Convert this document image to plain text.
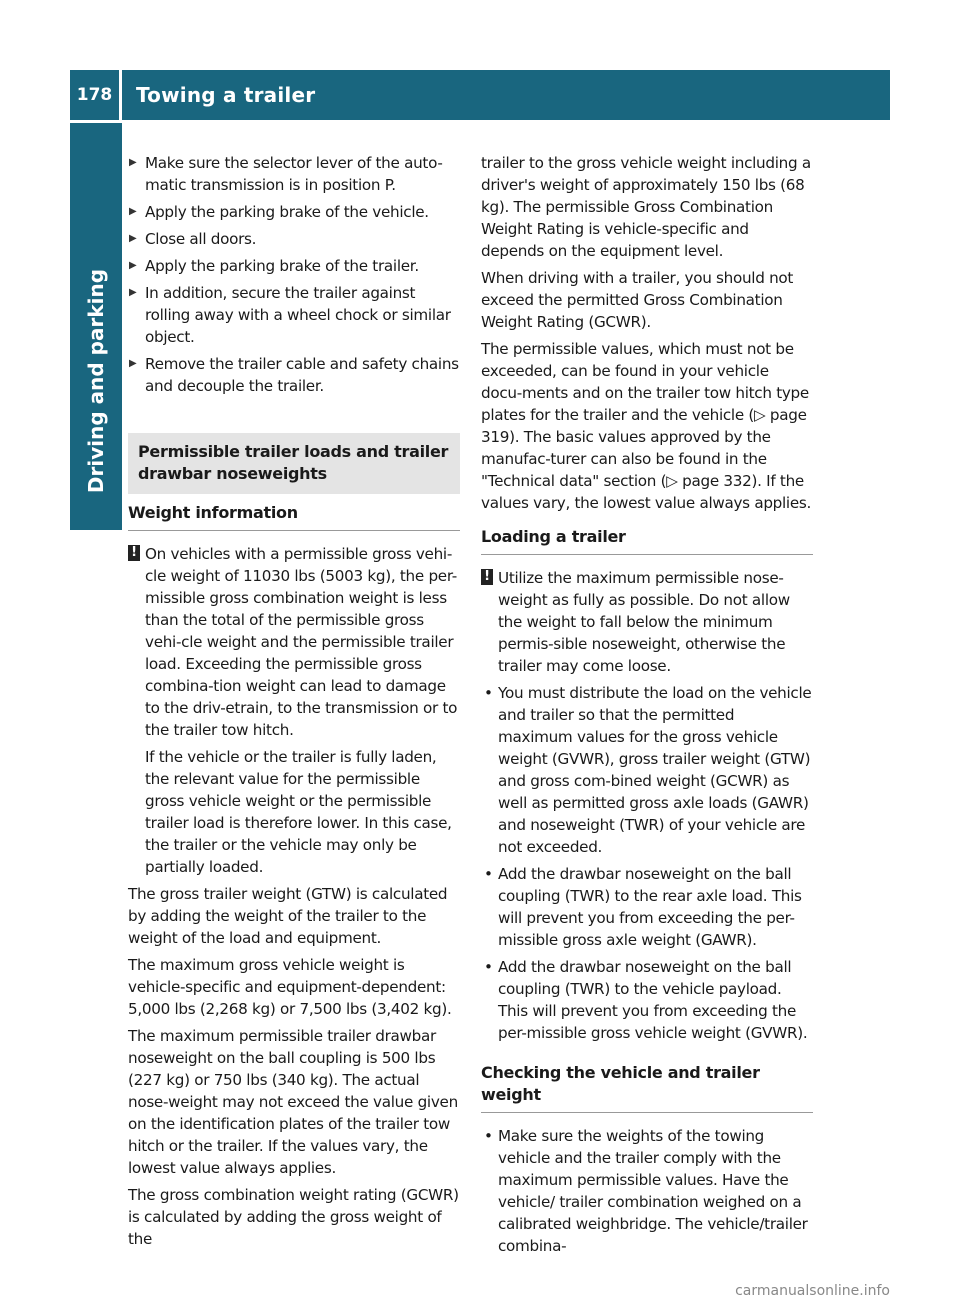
178	Towing a trailer
Driving and parking
▶ Make sure the selector lever of the auto-matic transmission is in position P.
▶ Apply the parking brake of the vehicle.
▶ Close all doors.
▶ Apply the parking brake of the trailer.
▶ In addition, secure the trailer against rolling away with a wheel chock or similar object.
▶ Remove the trailer cable and safety chains and decouple the trailer.
Permissible trailer loads and trailer drawbar noseweights
Weight information
! On vehicles with a permissible gross vehi-cle weight of 11030 lbs (5003 kg), the per-missible gross combination weight is less than the total of the permissible gross vehi-cle weight and the permissible trailer load. Exceeding the permissible gross combina-tion weight can lead to damage to the driv-etrain, to the transmission or to the trailer tow hitch.

If the vehicle or the trailer is fully laden, the relevant value for the permissible gross vehicle weight or the permissible trailer load is therefore lower. In this case, the trailer or the vehicle may only be partially loaded.

The gross trailer weight (GTW) is calculated by adding the weight of the trailer to the weight of the load and equipment.

The maximum gross vehicle weight is vehicle-specific and equipment-dependent: 5,000 lbs (2,268 kg) or 7,500 lbs (3,402 kg).

The maximum permissible trailer drawbar noseweight on the ball coupling is 500 lbs (227 kg) or 750 lbs (340 kg). The actual nose-weight may not exceed the value given on the identification plates of the trailer tow hitch or the trailer. If the values vary, the lowest value always applies.

The gross combination weight rating (GCWR) is calculated by adding the gross weight of the

trailer to the gross vehicle weight including a driver's weight of approximately 150 lbs (68 kg). The permissible Gross Combination Weight Rating is vehicle-specific and depends on the equipment level.

When driving with a trailer, you should not exceed the permitted Gross Combination Weight Rating (GCWR).

The permissible values, which must not be exceeded, can be found in your vehicle docu-ments and on the trailer tow hitch type plates for the trailer and the vehicle (▷ page 319). The basic values approved by the manufac-turer can also be found in the "Technical data" section (▷ page 332). If the values vary, the lowest value always applies.

Loading a trailer
! Utilize the maximum permissible nose-weight as fully as possible. Do not allow the weight to fall below the minimum permis-sible noseweight, otherwise the trailer may come loose.

• You must distribute the load on the vehicle and trailer so that the permitted maximum values for the gross vehicle weight (GVWR), gross trailer weight (GTW) and gross com-bined weight (GCWR) as well as permitted gross axle loads (GAWR) and noseweight (TWR) of your vehicle are not exceeded.
• Add the drawbar noseweight on the ball coupling (TWR) to the rear axle load. This will prevent you from exceeding the per-missible gross axle weight (GAWR).
• Add the drawbar noseweight on the ball coupling (TWR) to the vehicle payload. This will prevent you from exceeding the per-missible gross vehicle weight (GVWR).
Checking the vehicle and trailer weight
• Make sure the weights of the towing vehicle and the trailer comply with the maximum permissible values. Have the vehicle/ trailer combination weighed on a calibrated weighbridge. The vehicle/trailer combina-
carmanualsonline.info
